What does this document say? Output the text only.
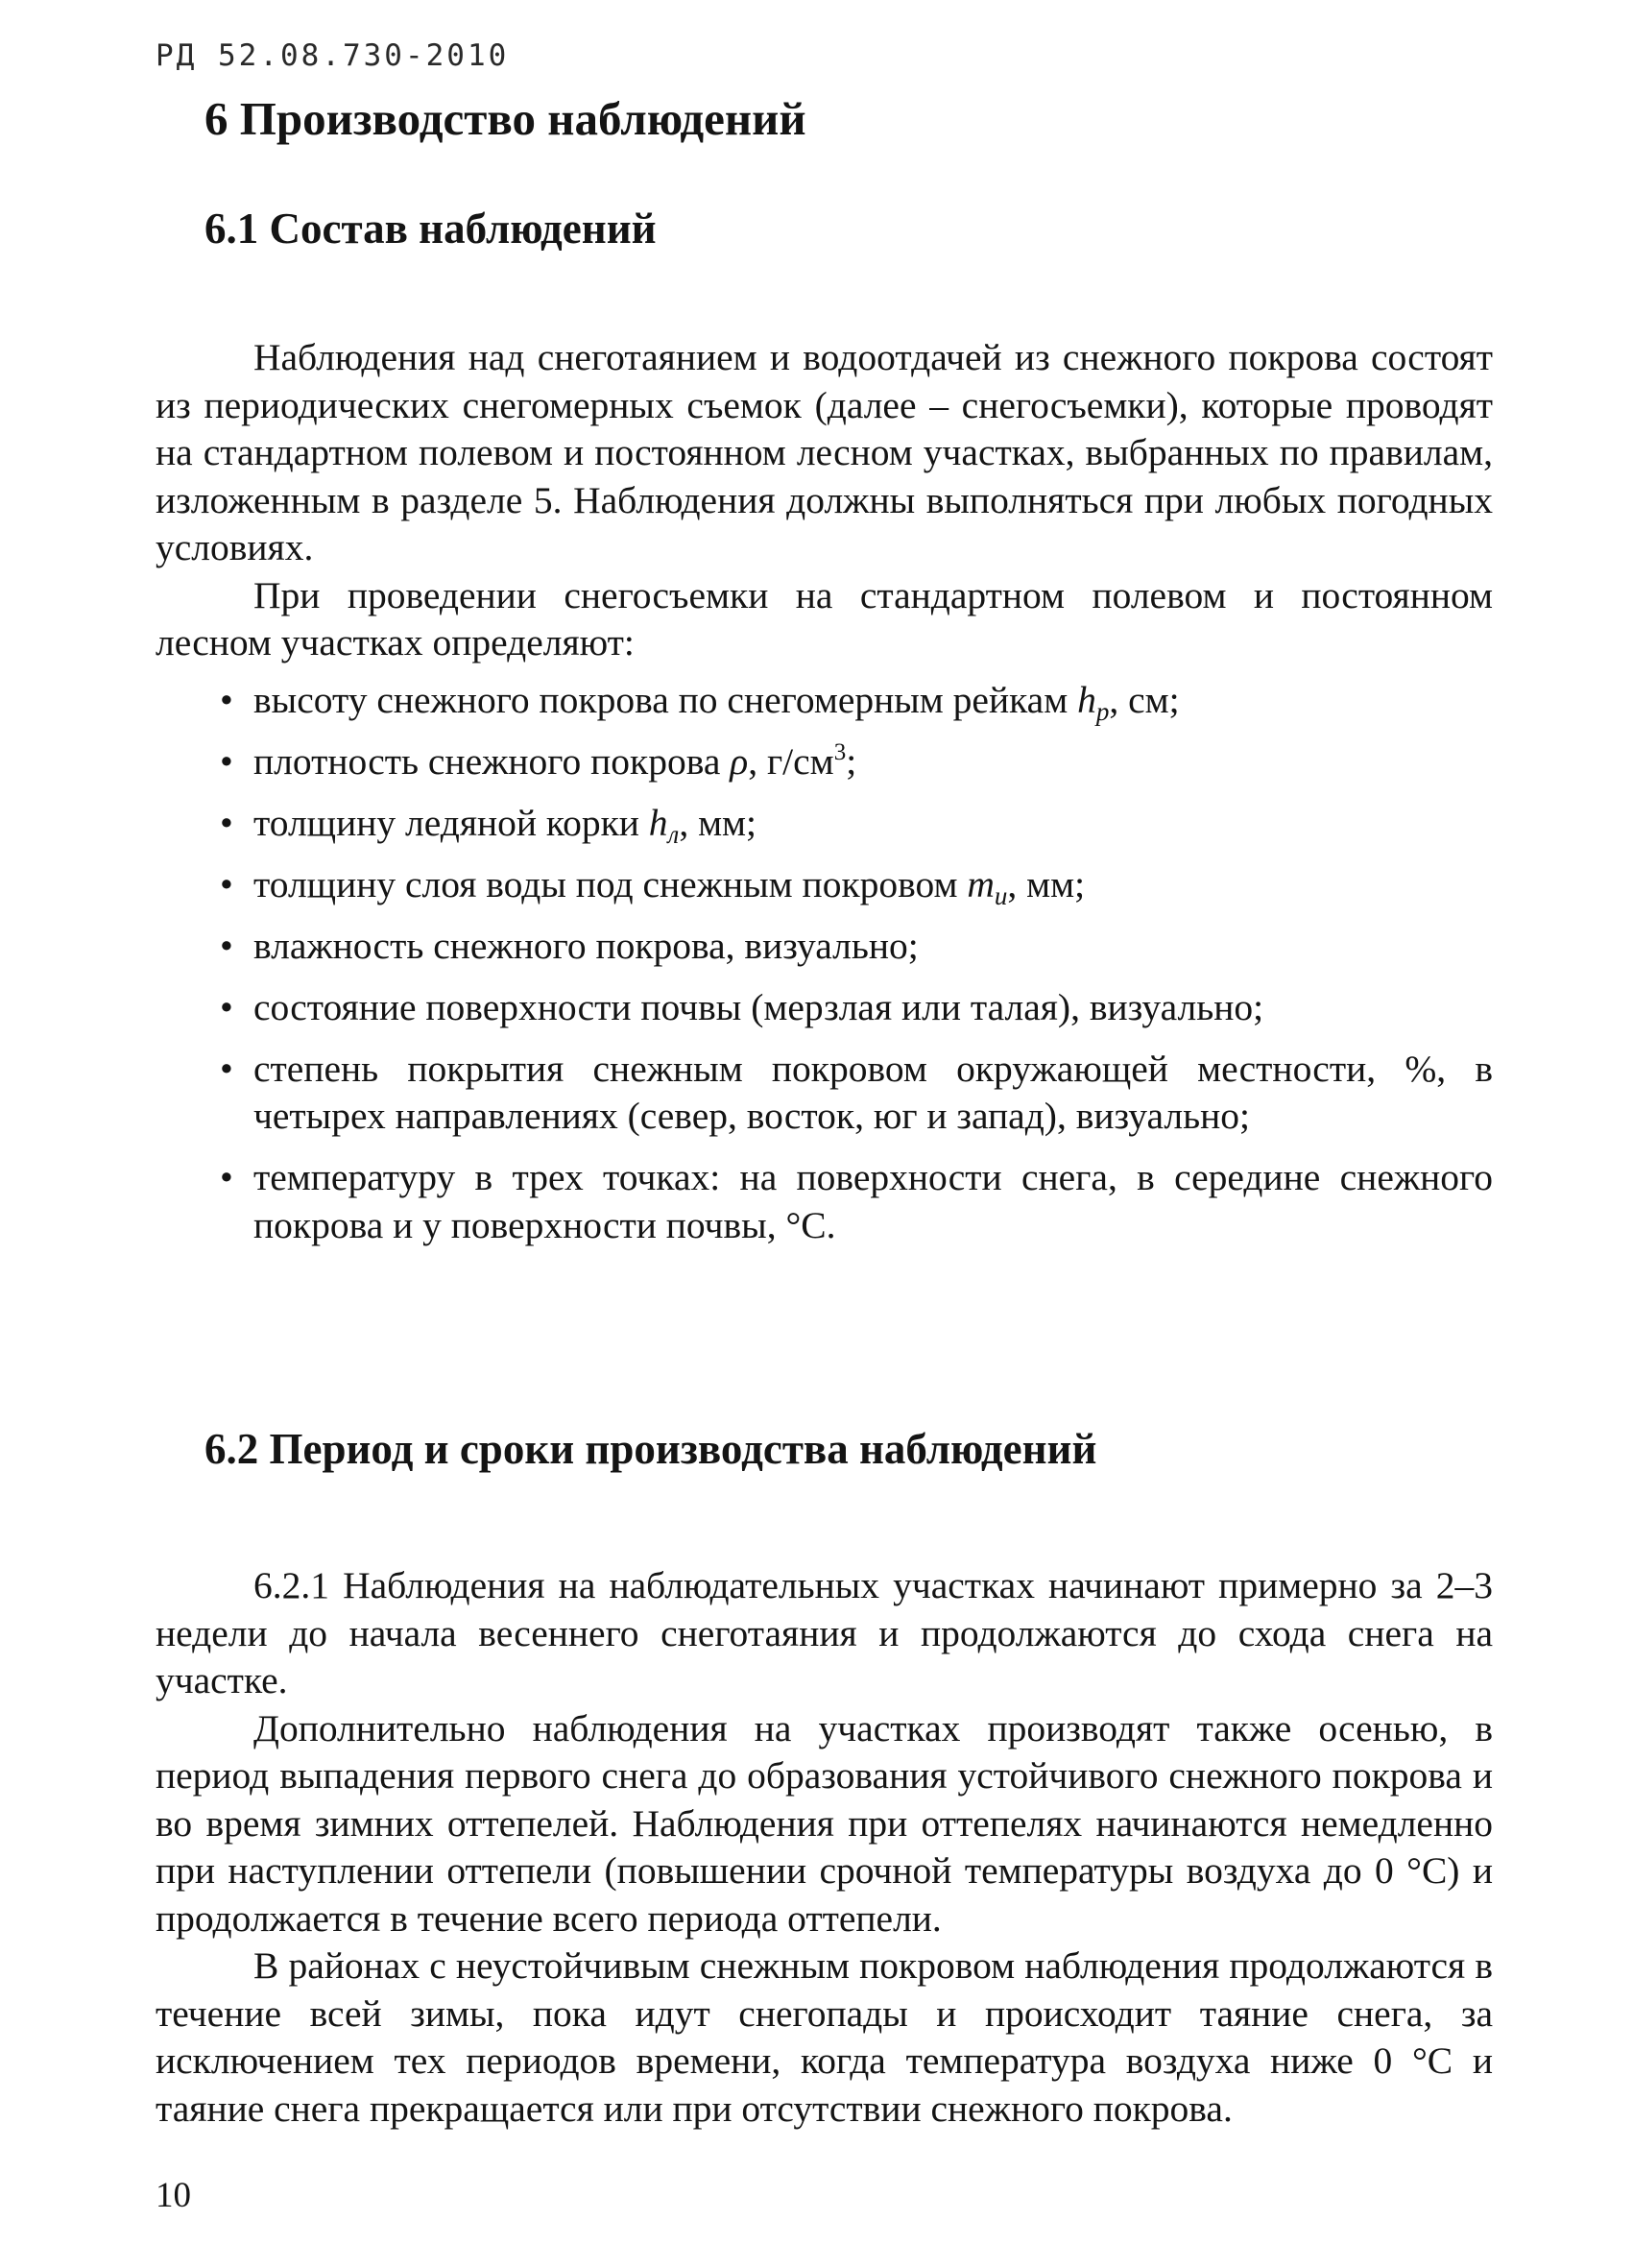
РД 52.08.730-2010
6 Производство наблюдений
6.1 Состав наблюдений

Наблюдения над снеготаянием и водоотдачей из снежного покрова состоят из периодических снегомерных съемок (далее – снегосъемки), которые проводят на стандартном полевом и постоянном лесном участках, выбранных по правилам, изложенным в разделе 5. Наблюдения должны выполняться при любых погодных условиях.

При проведении снегосъемки на стандартном полевом и постоянном лесном участках определяют:

• высоту снежного покрова по снегомерным рейкам $h_р$, см;
• плотность снежного покрова ρ, $г/см^3$;
• толщину ледяной корки $h_л$, мм;
• толщину слоя воды под снежным покровом $m_и$, мм;
• влажность снежного покрова, визуально;
• состояние поверхности почвы (мерзлая или талая), визуально;
• степень покрытия снежным покровом окружающей местности, %, в четырех направлениях (север, восток, юг и запад), визуально;
• температуру в трех точках: на поверхности снега, в середине снежного покрова и у поверхности почвы, °С.
6.2 Период и сроки производства наблюдений

6.2.1 Наблюдения на наблюдательных участках начинают примерно за 2–3 недели до начала весеннего снеготаяния и продолжаются до схода снега на участке.

Дополнительно наблюдения на участках производят также осенью, в период выпадения первого снега до образования устойчивого снежного покрова и во время зимних оттепелей. Наблюдения при оттепелях начинаются немедленно при наступлении оттепели (повышении срочной температуры воздуха до 0 °С) и продолжается в течение всего периода оттепели.

В районах с неустойчивым снежным покровом наблюдения продолжаются в течение всей зимы, пока идут снегопады и происходит таяние снега, за исключением тех периодов времени, когда температура воздуха ниже 0 °С и таяние снега прекращается или при отсутствии снежного покрова.

10
